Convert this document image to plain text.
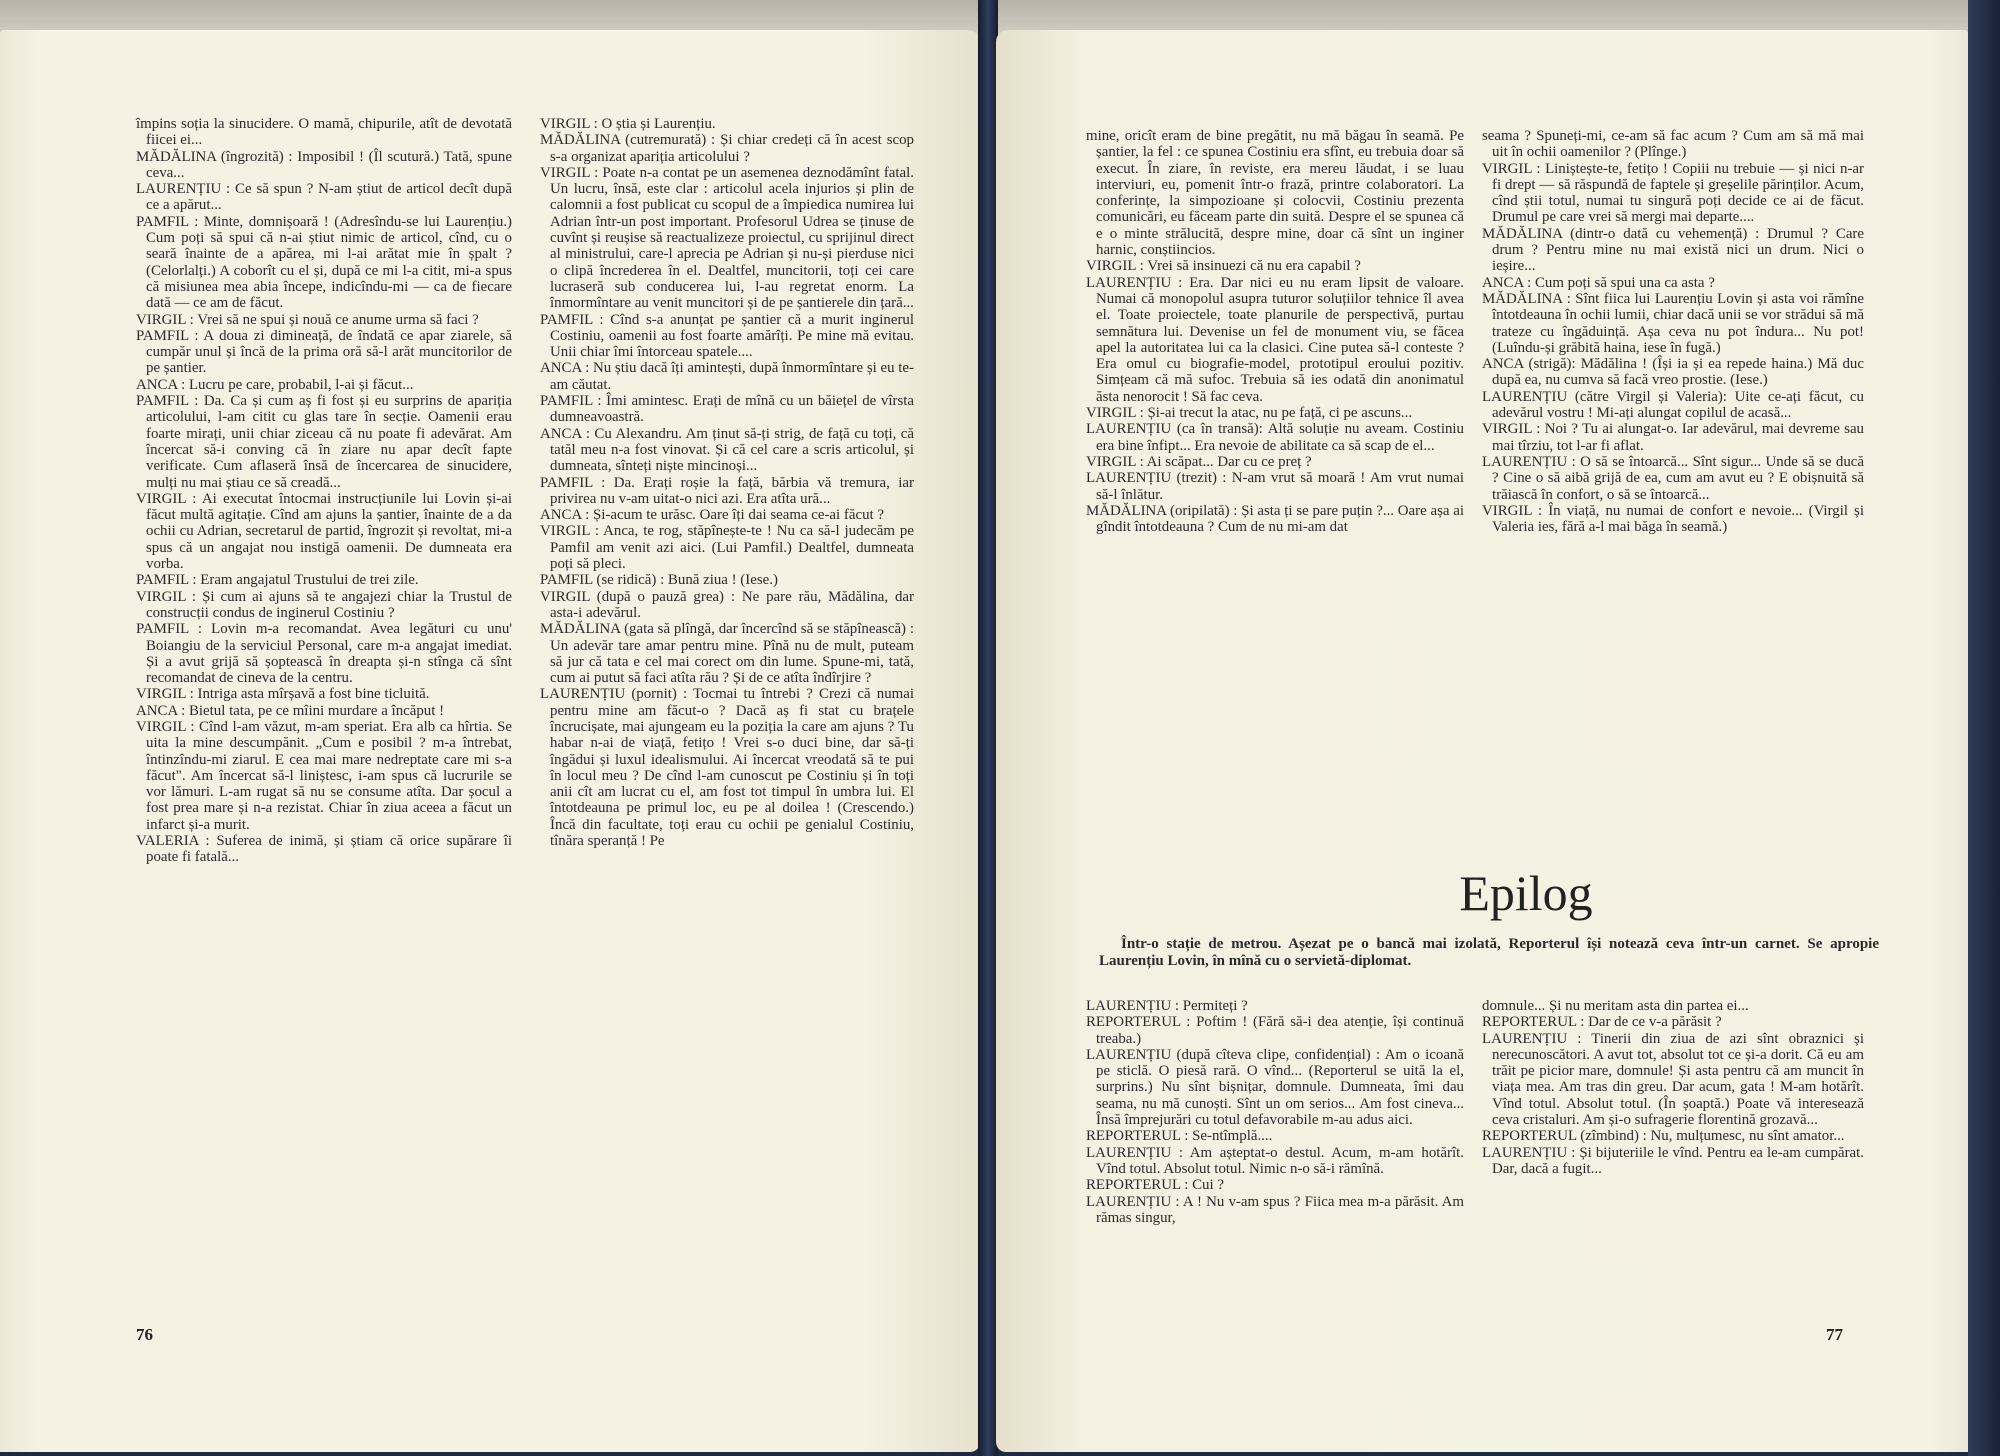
împins soția la sinucidere. O mamă, chipurile, atît de devotată fiicei ei...

MĂDĂLINA (îngrozită) : Imposibil ! (Îl scutură.) Tată, spune ceva...

LAURENȚIU : Ce să spun ? N-am știut de articol decît după ce a apărut...

PAMFIL : Minte, domnișoară ! (Adresîndu-se lui Laurențiu.) Cum poți să spui că n-ai știut nimic de articol, cînd, cu o seară înainte de a apărea, mi l-ai arătat mie în șpalt ? (Celorlalți.) A coborît cu el și, după ce mi l-a citit, mi-a spus că misiunea mea abia începe, indicîndu-mi — ca de fiecare dată — ce am de făcut.

VIRGIL : Vrei să ne spui și nouă ce anume urma să faci ?

PAMFIL : A doua zi dimineață, de îndată ce apar ziarele, să cumpăr unul și încă de la prima oră să-l arăt muncitorilor de pe șantier.

ANCA : Lucru pe care, probabil, l-ai și făcut...

PAMFIL : Da. Ca și cum aș fi fost și eu surprins de apariția articolului, l-am citit cu glas tare în secție. Oamenii erau foarte mirați, unii chiar ziceau că nu poate fi adevărat. Am încercat să-i conving că în ziare nu apar decît fapte verificate. Cum aflaseră însă de încercarea de sinucidere, mulți nu mai știau ce să creadă...

VIRGIL : Ai executat întocmai instrucțiunile lui Lovin și-ai făcut multă agitație. Cînd am ajuns la șantier, înainte de a da ochii cu Adrian, secretarul de partid, îngrozit și revoltat, mi-a spus că un angajat nou instigă oamenii. De dumneata era vorba.

PAMFIL : Eram angajatul Trustului de trei zile.

VIRGIL : Și cum ai ajuns să te angajezi chiar la Trustul de construcții condus de inginerul Costiniu ?

PAMFIL : Lovin m-a recomandat. Avea legături cu unu' Boiangiu de la serviciul Personal, care m-a angajat imediat. Și a avut grijă să șoptească în dreapta și-n stînga că sînt recomandat de cineva de la centru.

VIRGIL : Intriga asta mîrșavă a fost bine ticluită.

ANCA : Bietul tata, pe ce mîini murdare a încăput !

VIRGIL : Cînd l-am văzut, m-am speriat. Era alb ca hîrtia. Se uita la mine descumpănit. „Cum e posibil ? m-a întrebat, întinzîndu-mi ziarul. E cea mai mare nedreptate care mi s-a făcut". Am încercat să-l liniștesc, i-am spus că lucrurile se vor lămuri. L-am rugat să nu se consume atîta. Dar șocul a fost prea mare și n-a rezistat. Chiar în ziua aceea a făcut un infarct și-a murit.

VALERIA : Suferea de inimă, și știam că orice supărare îi poate fi fatală...

VIRGIL : O știa și Laurențiu.

MĂDĂLINA (cutremurată) : Și chiar credeți că în acest scop s-a organizat apariția articolului ?

VIRGIL : Poate n-a contat pe un asemenea deznodămînt fatal. Un lucru, însă, este clar : articolul acela injurios și plin de calomnii a fost publicat cu scopul de a împiedica numirea lui Adrian într-un post important. Profesorul Udrea se ținuse de cuvînt și reușise să reactualizeze proiectul, cu sprijinul direct al ministrului, care-l aprecia pe Adrian și nu-și pierduse nici o clipă încrederea în el. Dealtfel, muncitorii, toți cei care lucraseră sub conducerea lui, l-au regretat enorm. La înmormîntare au venit muncitori și de pe șantierele din țară...

PAMFIL : Cînd s-a anunțat pe șantier că a murit inginerul Costiniu, oamenii au fost foarte amărîți. Pe mine mă evitau. Unii chiar îmi întorceau spatele....

ANCA : Nu știu dacă îți amintești, după înmormîntare și eu te-am căutat.

PAMFIL : Îmi amintesc. Erați de mînă cu un băiețel de vîrsta dumneavoastră.

ANCA : Cu Alexandru. Am ținut să-ți strig, de față cu toți, că tatăl meu n-a fost vinovat. Și că cel care a scris articolul, și dumneata, sînteți niște mincinoși...

PAMFIL : Da. Erați roșie la față, bărbia vă tremura, iar privirea nu v-am uitat-o nici azi. Era atîta ură...

ANCA : Și-acum te urăsc. Oare îți dai seama ce-ai făcut ?

VIRGIL : Anca, te rog, stăpînește-te ! Nu ca să-l judecăm pe Pamfil am venit azi aici. (Lui Pamfil.) Dealtfel, dumneata poți să pleci.

PAMFIL (se ridică) : Bună ziua ! (Iese.)

VIRGIL (după o pauză grea) : Ne pare rău, Mădălina, dar asta-i adevărul.

MĂDĂLINA (gata să plîngă, dar încercînd să se stăpînească) : Un adevăr tare amar pentru mine. Pînă nu de mult, puteam să jur că tata e cel mai corect om din lume. Spune-mi, tată, cum ai putut să faci atîta rău ? Și de ce atîta îndîrjire ?

LAURENȚIU (pornit) : Tocmai tu întrebi ? Crezi că numai pentru mine am făcut-o ? Dacă aș fi stat cu brațele încrucișate, mai ajungeam eu la poziția la care am ajuns ? Tu habar n-ai de viață, fetițo ! Vrei s-o duci bine, dar să-ți îngădui și luxul idealismului. Ai încercat vreodată să te pui în locul meu ? De cînd l-am cunoscut pe Costiniu și în toți anii cît am lucrat cu el, am fost tot timpul în umbra lui. El întotdeauna pe primul loc, eu pe al doilea ! (Crescendo.) Încă din facultate, toți erau cu ochii pe genialul Costiniu, tînăra speranță ! Pe

76

mine, oricît eram de bine pregătit, nu mă băgau în seamă. Pe șantier, la fel : ce spunea Costiniu era sfînt, eu trebuia doar să execut. În ziare, în reviste, era mereu lăudat, i se luau interviuri, eu, pomenit într-o frază, printre colaboratori. La conferințe, la simpozioane și colocvii, Costiniu prezenta comunicări, eu făceam parte din suită. Despre el se spunea că e o minte strălucită, despre mine, doar că sînt un inginer harnic, conștiincios.

VIRGIL : Vrei să insinuezi că nu era capabil ?

LAURENȚIU : Era. Dar nici eu nu eram lipsit de valoare. Numai că monopolul asupra tuturor soluțiilor tehnice îl avea el. Toate proiectele, toate planurile de perspectivă, purtau semnătura lui. Devenise un fel de monument viu, se făcea apel la autoritatea lui ca la clasici. Cine putea să-l conteste ? Era omul cu biografie-model, prototipul eroului pozitiv. Simțeam că mă sufoc. Trebuia să ies odată din anonimatul ăsta nenorocit ! Să fac ceva.

VIRGIL : Și-ai trecut la atac, nu pe față, ci pe ascuns...

LAURENȚIU (ca în transă): Altă soluție nu aveam. Costiniu era bine înfipt... Era nevoie de abilitate ca să scap de el...

VIRGIL : Ai scăpat... Dar cu ce preț ?

LAURENȚIU (trezit) : N-am vrut să moară ! Am vrut numai să-l înlătur.

MĂDĂLINA (oripilată) : Și asta ți se pare puțin ?... Oare așa ai gîndit întotdeauna ? Cum de nu mi-am dat

seama ? Spuneți-mi, ce-am să fac acum ? Cum am să mă mai uit în ochii oamenilor ? (Plînge.)

VIRGIL : Liniștește-te, fetițo ! Copiii nu trebuie — și nici n-ar fi drept — să răspundă de faptele și greșelile părinților. Acum, cînd știi totul, numai tu singură poți decide ce ai de făcut. Drumul pe care vrei să mergi mai departe....

MĂDĂLINA (dintr-o dată cu vehemență) : Drumul ? Care drum ? Pentru mine nu mai există nici un drum. Nici o ieșire...

ANCA : Cum poți să spui una ca asta ?

MĂDĂLINA : Sînt fiica lui Laurențiu Lovin și asta voi rămîne întotdeauna în ochii lumii, chiar dacă unii se vor strădui să mă trateze cu îngăduință. Așa ceva nu pot îndura... Nu pot! (Luîndu-și grăbită haina, iese în fugă.)

ANCA (strigă): Mădălina ! (Își ia și ea repede haina.) Mă duc după ea, nu cumva să facă vreo prostie. (Iese.)

LAURENȚIU (către Virgil și Valeria): Uite ce-ați făcut, cu adevărul vostru ! Mi-ați alungat copilul de acasă...

VIRGIL : Noi ? Tu ai alungat-o. Iar adevărul, mai devreme sau mai tîrziu, tot l-ar fi aflat.

LAURENȚIU : O să se întoarcă... Sînt sigur... Unde să se ducă ? Cine o să aibă grijă de ea, cum am avut eu ? E obișnuită să trăiască în confort, o să se întoarcă...

VIRGIL : În viață, nu numai de confort e nevoie... (Virgil și Valeria ies, fără a-l mai băga în seamă.)

Epilog
Într-o stație de metrou. Așezat pe o bancă mai izolată, Reporterul își notează ceva într-un carnet. Se apropie Laurențiu Lovin, în mînă cu o servietă-diplomat.

LAURENȚIU : Permiteți ?

REPORTERUL : Poftim ! (Fără să-i dea atenție, își continuă treaba.)

LAURENȚIU (după cîteva clipe, confidențial) : Am o icoană pe sticlă. O piesă rară. O vînd... (Reporterul se uită la el, surprins.) Nu sînt bișnițar, domnule. Dumneata, îmi dau seama, nu mă cunoști. Sînt un om serios... Am fost cineva... Însă împrejurări cu totul defavorabile m-au adus aici.

REPORTERUL : Se-ntîmplă....

LAURENȚIU : Am așteptat-o destul. Acum, m-am hotărît. Vînd totul. Absolut totul. Nimic n-o să-i rămînă.

REPORTERUL : Cui ?

LAURENȚIU : A ! Nu v-am spus ? Fiica mea m-a părăsit. Am rămas singur,

domnule... Și nu meritam asta din partea ei...

REPORTERUL : Dar de ce v-a părăsit ?

LAURENȚIU : Tinerii din ziua de azi sînt obraznici și nerecunoscători. A avut tot, absolut tot ce și-a dorit. Că eu am trăit pe picior mare, domnule! Și asta pentru că am muncit în viața mea. Am tras din greu. Dar acum, gata ! M-am hotărît. Vînd totul. Absolut totul. (În șoaptă.) Poate vă interesează ceva cristaluri. Am și-o sufragerie florentină grozavă...

REPORTERUL (zîmbind) : Nu, mulțumesc, nu sînt amator...

LAURENȚIU : Și bijuteriile le vînd. Pentru ea le-am cumpărat. Dar, dacă a fugit...

77
